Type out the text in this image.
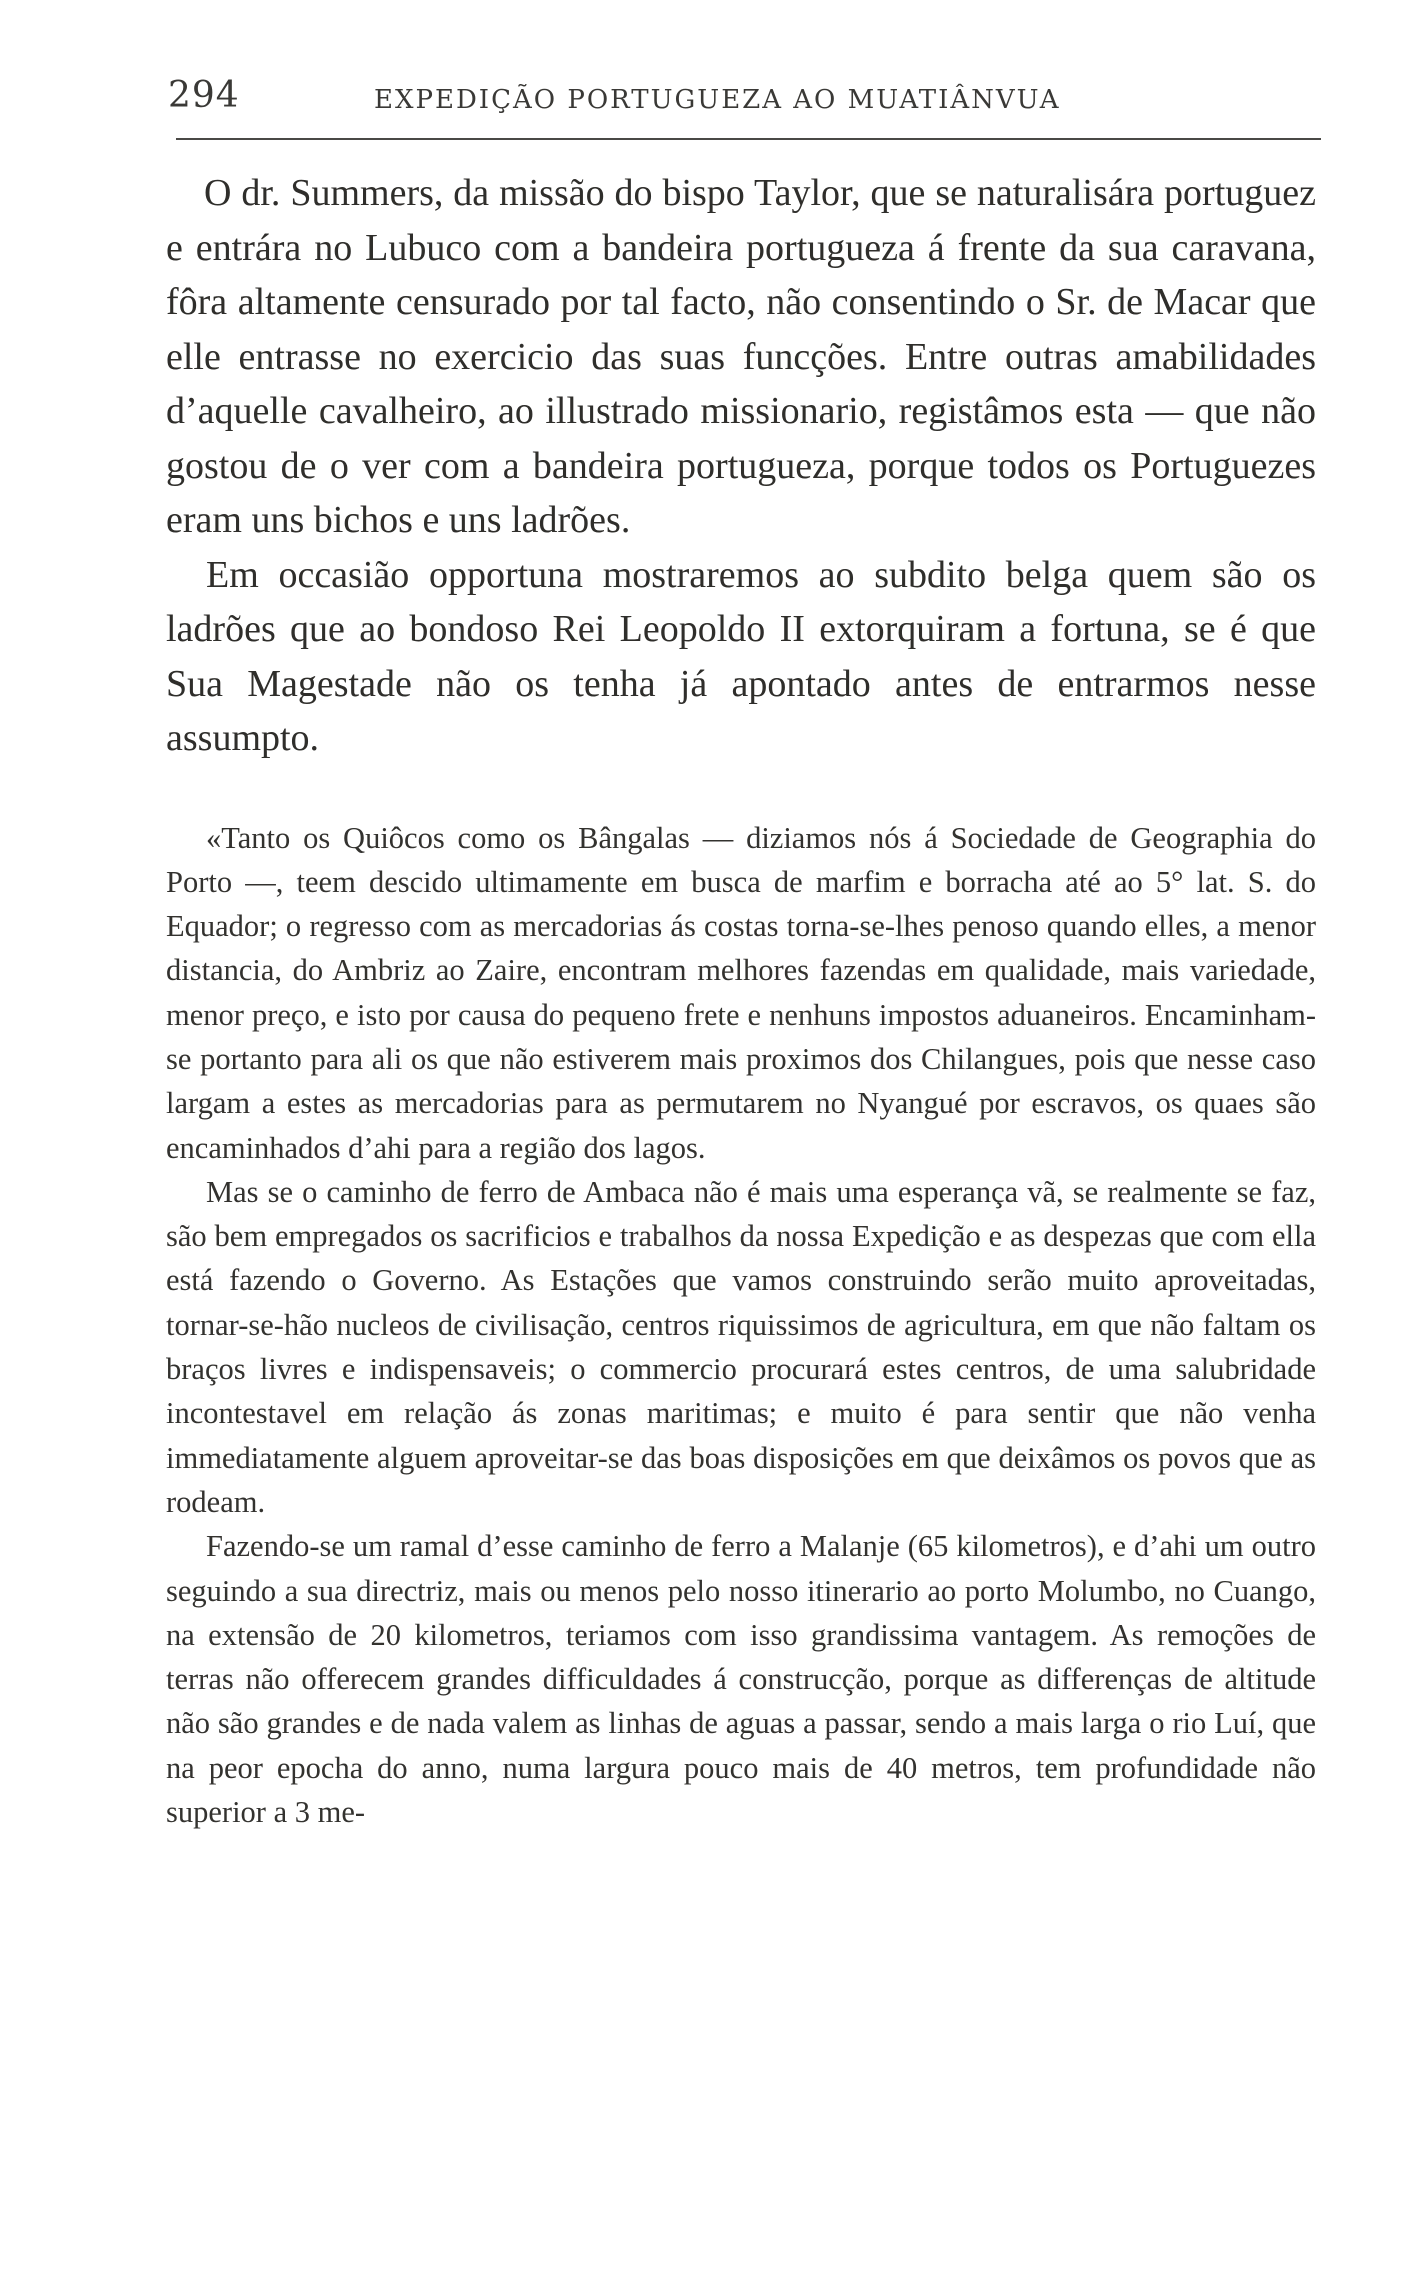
294	EXPEDIÇÃO PORTUGUEZA AO MUATIÂNVUA

O dr. Summers, da missão do bispo Taylor, que se naturalisára portuguez e entrára no Lubuco com a bandeira portugueza á frente da sua caravana, fôra altamente censurado por tal facto, não consentindo o Sr. de Macar que elle entrasse no exercicio das suas funcções. Entre outras amabilidades d’aquelle cavalheiro, ao illustrado missionario, registâmos esta — que não gostou de o ver com a bandeira portugueza, porque todos os Portuguezes eram uns bichos e uns ladrões.

Em occasião opportuna mostraremos ao subdito belga quem são os ladrões que ao bondoso Rei Leopoldo II extorquiram a fortuna, se é que Sua Magestade não os tenha já apontado antes de entrarmos nesse assumpto.

«Tanto os Quiôcos como os Bângalas — diziamos nós á Sociedade de Geographia do Porto —, teem descido ultimamente em busca de marfim e borracha até ao 5° lat. S. do Equador; o regresso com as mercadorias ás costas torna-se-lhes penoso quando elles, a menor distancia, do Ambriz ao Zaire, encontram melhores fazendas em qualidade, mais variedade, menor preço, e isto por causa do pequeno frete e nenhuns impostos aduaneiros. Encaminham-se portanto para ali os que não estiverem mais proximos dos Chilangues, pois que nesse caso largam a estes as mercadorias para as permutarem no Nyangué por escravos, os quaes são encaminhados d’ahi para a região dos lagos.

Mas se o caminho de ferro de Ambaca não é mais uma esperança vã, se realmente se faz, são bem empregados os sacrificios e trabalhos da nossa Expedição e as despezas que com ella está fazendo o Governo. As Estações que vamos construindo serão muito aproveitadas, tornar-se-hão nucleos de civilisação, centros riquissimos de agricultura, em que não faltam os braços livres e indispensaveis; o commercio procurará estes centros, de uma salubridade incontestavel em relação ás zonas maritimas; e muito é para sentir que não venha immediatamente alguem aproveitar-se das boas disposições em que deixâmos os povos que as rodeam.

Fazendo-se um ramal d’esse caminho de ferro a Malanje (65 kilometros), e d’ahi um outro seguindo a sua directriz, mais ou menos pelo nosso itinerario ao porto Molumbo, no Cuango, na extensão de 20 kilometros, teriamos com isso grandissima vantagem. As remoções de terras não offerecem grandes difficuldades á construcção, porque as differenças de altitude não são grandes e de nada valem as linhas de aguas a passar, sendo a mais larga o rio Luí, que na peor epocha do anno, numa largura pouco mais de 40 metros, tem profundidade não superior a 3 me-
